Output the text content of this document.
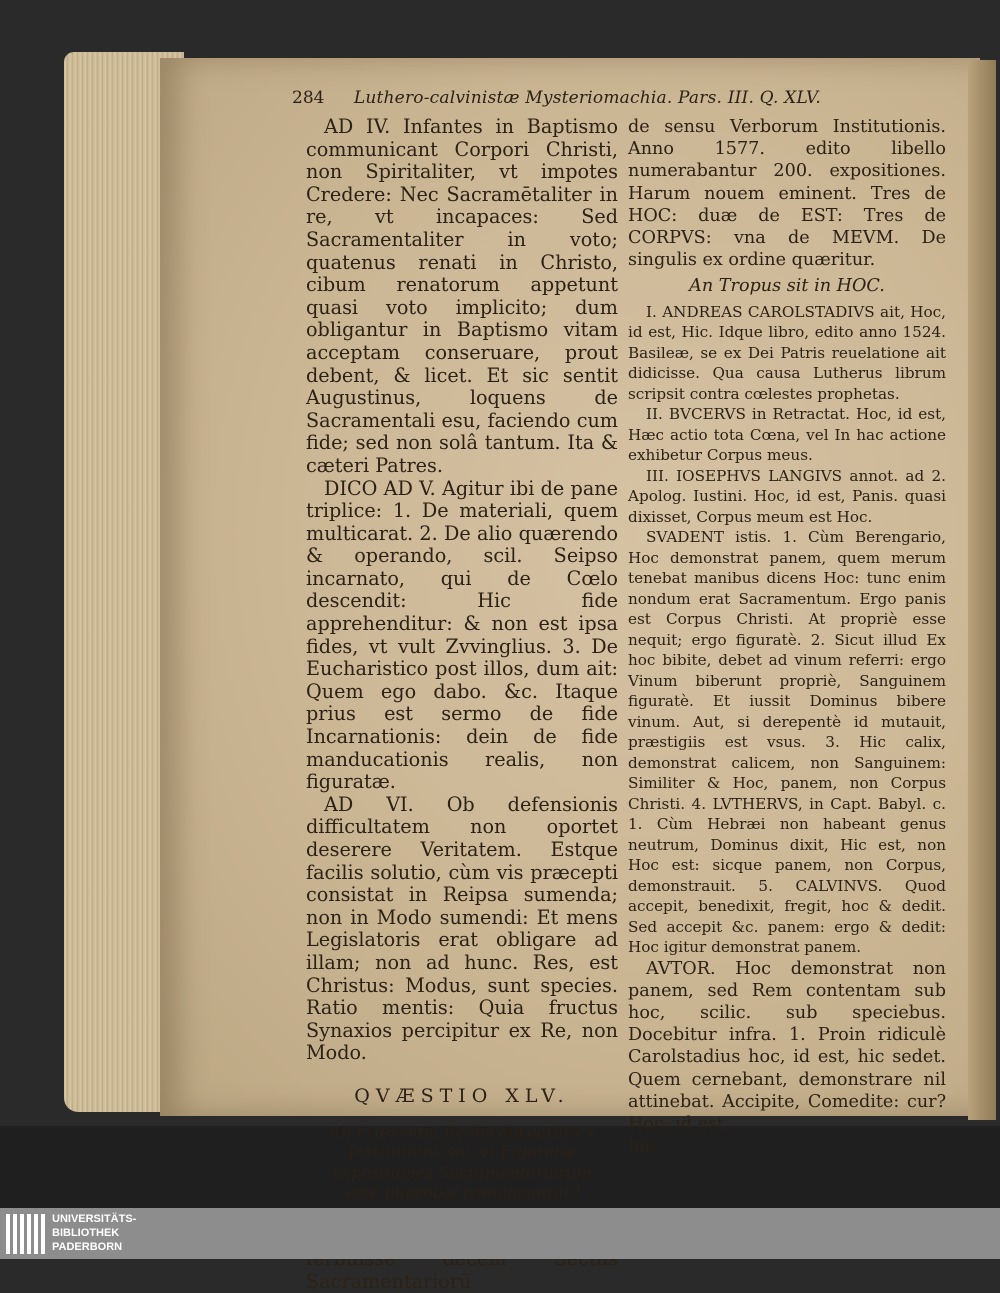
284 Luthero-calvinistæ Mysteriomachia. Pars. III. Q. XLV.

AD IV. Infantes in Baptismo communicant Corpori Christi, non Spiritaliter, vt impotes Credere: Nec Sacramētaliter in re, vt incapaces: Sed Sacramentaliter in voto; quatenus renati in Christo, cibum renatorum appetunt quasi voto implicito; dum obligantur in Baptismo vitam acceptam conseruare, prout debent, & licet. Et sic sentit Augustinus, loquens de Sacramentali esu, faciendo cum fide; sed non solâ tantum. Ita & cæteri Patres.

DICO AD V. Agitur ibi de pane triplice: 1. De materiali, quem multicarat. 2. De alio quærendo & operando, scil. Seipso incarnato, qui de Cœlo descendit: Hic fide apprehenditur: & non est ipsa fides, vt vult Zvvinglius. 3. De Eucharistico post illos, dum ait: Quem ego dabo. &c. Itaque prius est sermo de fide Incarnationis: dein de fide manducationis realis, non figuratæ.

AD VI. Ob defensionis difficultatem non oportet deserere Veritatem. Estque facilis solutio, cùm vis præcepti consistat in Reipsa sumenda; non in Modo sumendi: Et mens Legislatoris erat obligare ad illam; non ad hunc. Res, est Christus: Modus, sunt species. Ratio mentis: Quia fructus Synaxios percipitur ex Re, non Modo.

QVÆSTIO XLV.
An Præsentia Realis doceatur ex Institutione sic, vt Figuratæ expositiones Sacramentariorum esse improbæ conuincantur?

Sacramentariorū

de sensu Verborum Institutionis. Anno 1577. edito libello numerabantur 200. expositiones. Harum nouem eminent. Tres de HOC: duæ de EST: Tres de CORPVS: vna de MEVM. De singulis ex ordine quæritur.

An Tropus sit in HOC.

I. ANDREAS CAROLSTADIVS ait, Hoc, id est, Hic. Idque libro, edito anno 1524. Basileæ, se ex Dei Patris reuelatione ait didicisse. Qua causa Lutherus librum scripsit contra cœlestes prophetas.

II. BVCERVS in Retractat. Hoc, id est, Hæc actio tota Cœna, vel In hac actione exhibetur Corpus meus.

III. IOSEPHVS LANGIVS annot. ad 2. Apolog. Iustini. Hoc, id est, Panis. quasi dixisset, Corpus meum est Hoc.

SVADENT istis. 1. Cùm Berengario, Hoc demonstrat panem, quem merum tenebat manibus dicens Hoc: tunc enim nondum erat Sacramentum. Ergo panis est Corpus Christi. At propriè esse nequit; ergo figuratè. 2. Sicut illud Ex hoc bibite, debet ad vinum referri: ergo Vinum biberunt propriè, Sanguinem figuratè. Et iussit Dominus bibere vinum. Aut, si derepentè id mutauit, præstigiis est vsus. 3. Hic calix, demonstrat calicem, non Sanguinem: Similiter & Hoc, panem, non Corpus Christi. 4. LVTHERVS, in Capt. Babyl. c. 1. Cùm Hebræi non habeant genus neutrum, Dominus dixit, Hic est, non Hoc est: sicque panem, non Corpus, demonstrauit. 5. CALVINVS. Quod accepit, benedixit, fregit, hoc & dedit. Sed accepit &c. panem: ergo & dedit: Hoc igitur demonstrat panem.

AVTOR. Hoc demonstrat non panem, sed Rem contentam sub hoc, scilic. sub speciebus. Docebitur infra. 1. Proin ridiculè Carolstadius hoc, id est, hic sedet. Quem cernebant, demonstrare nil attinebat. Accipite, Comedite: cur? Hoc, id est,

hic

UNIVERSITÄTS-
BIBLIOTHEK
PADERBORN
